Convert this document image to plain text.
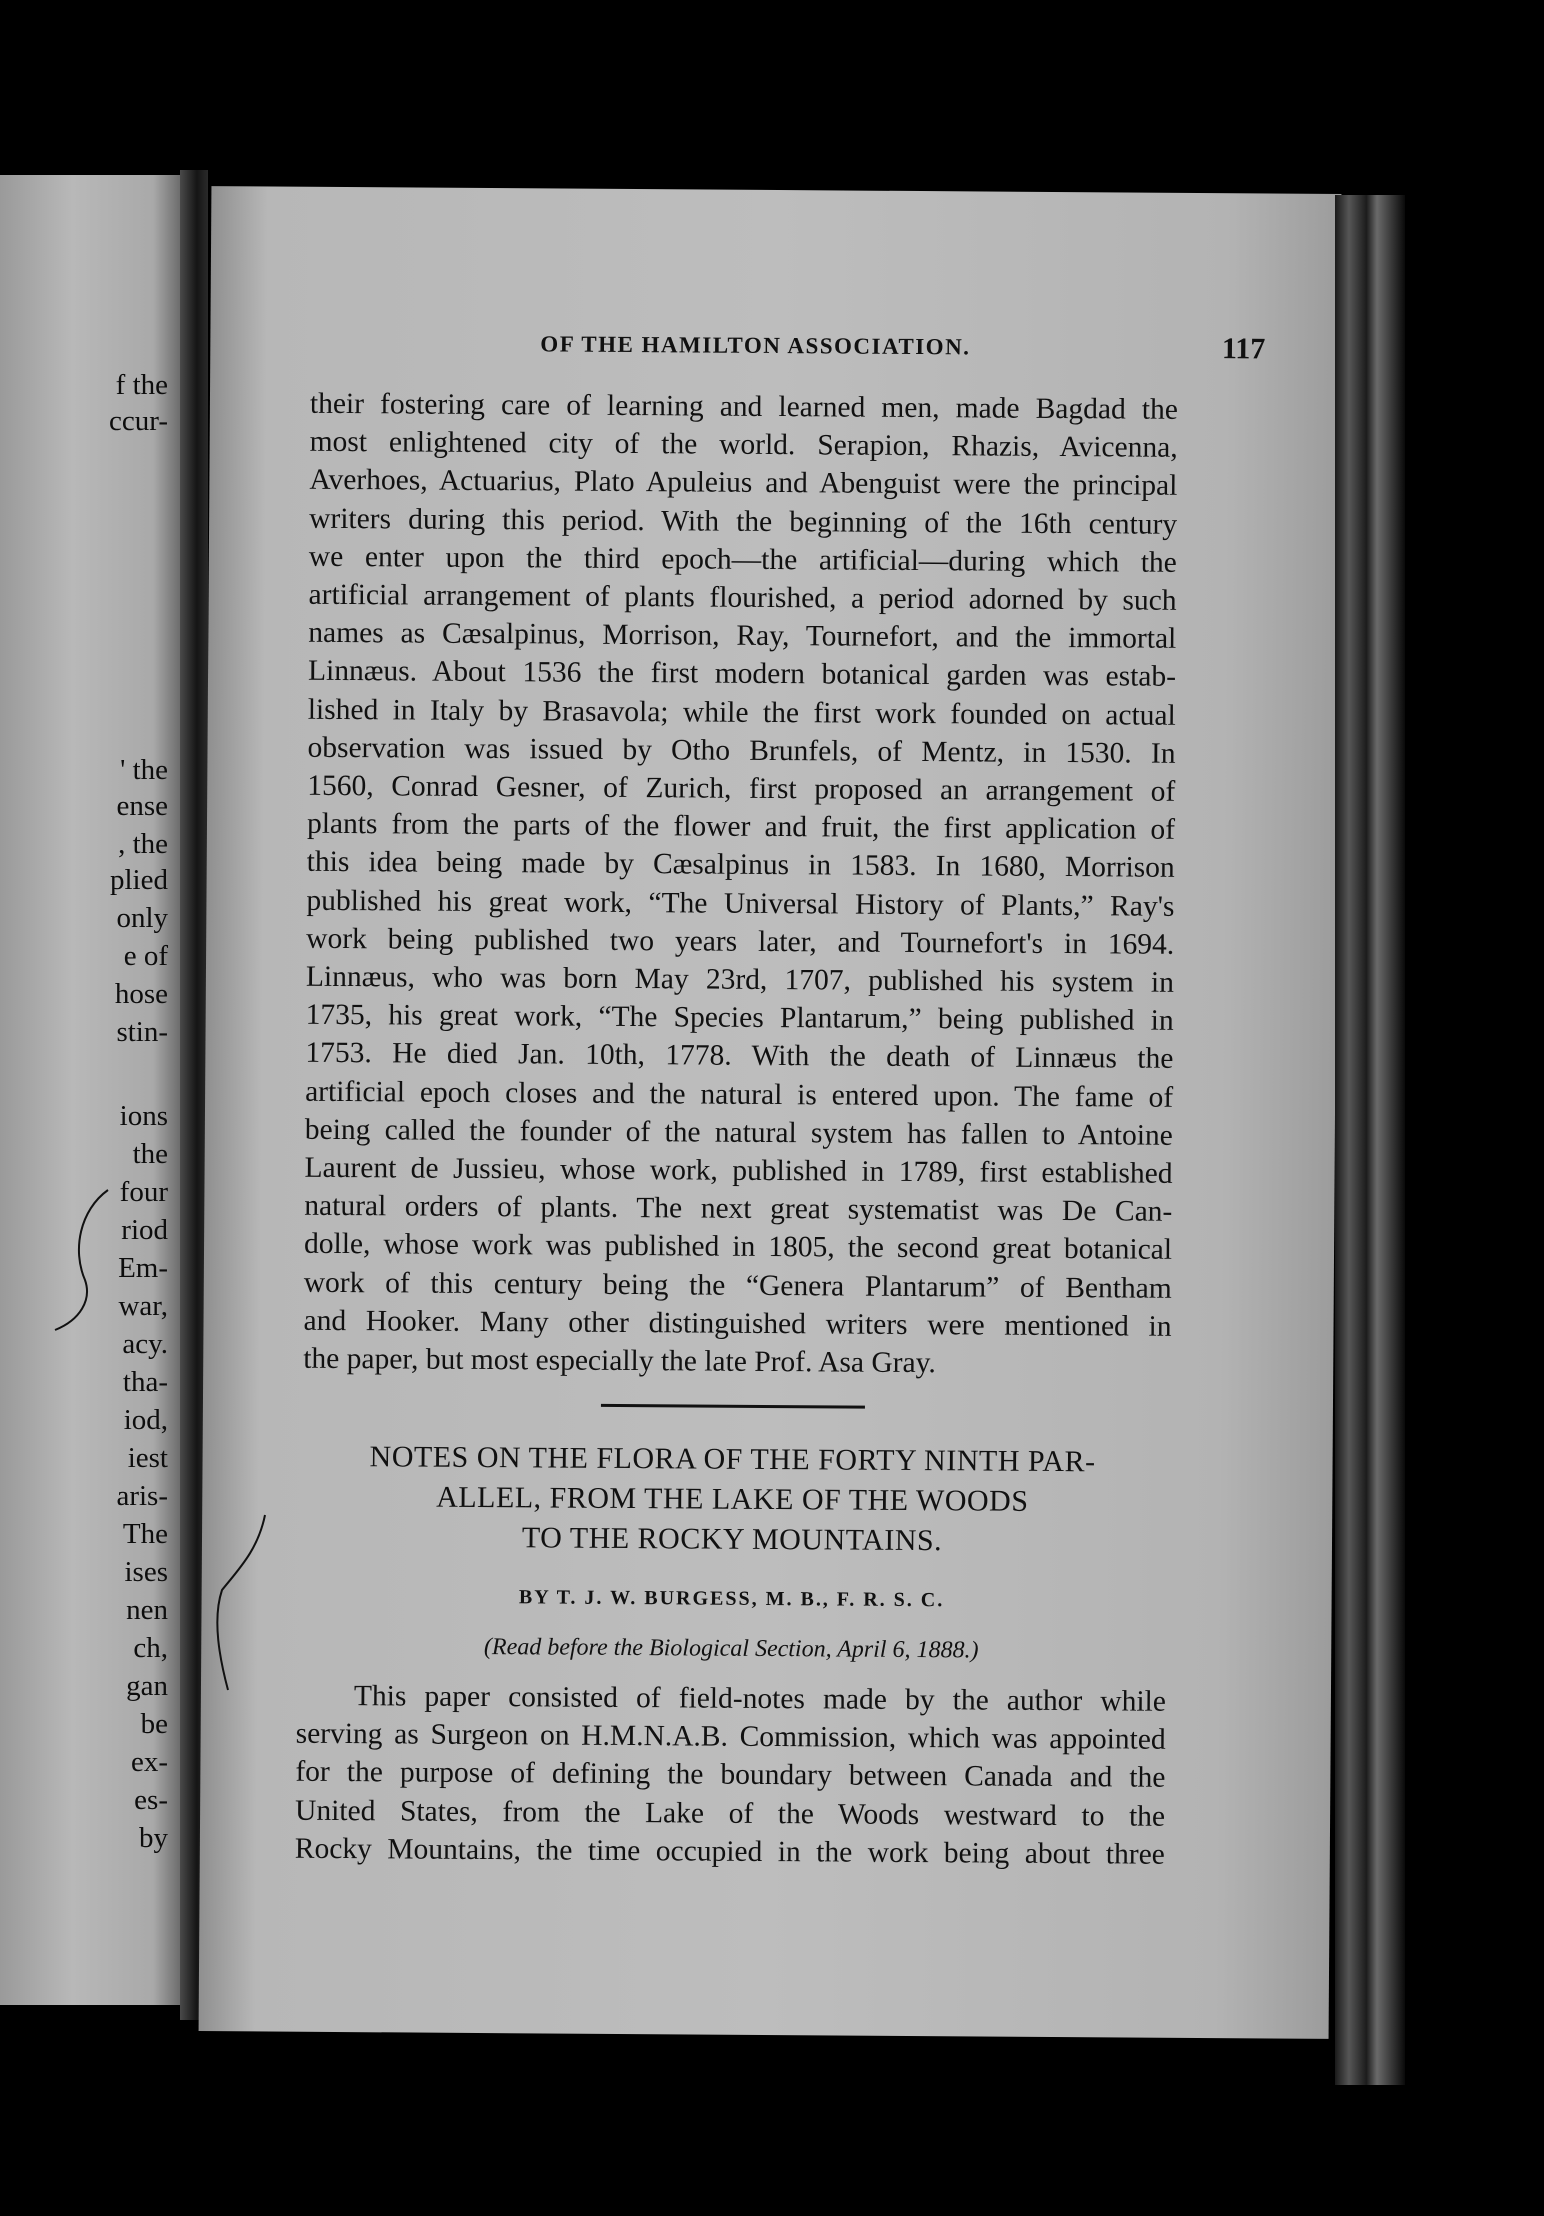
f the
ccur-
' the
ense
, the
plied
only
e of
hose
stin-
ions
the
four
riod
Em-
war,
acy.
tha-
iod,
iest
aris-
The
ises
nen
ch,
gan
be
ex-
es-
by
OF THE HAMILTON ASSOCIATION.	117
their fostering care of learning and learned men, made Bagdad the
most enlightened city of the world. Serapion, Rhazis, Avicenna,
Averhoes, Actuarius, Plato Apuleius and Abenguist were the principal
writers during this period. With the beginning of the 16th century
we enter upon the third epoch—the artificial—during which the
artificial arrangement of plants flourished, a period adorned by such
names as Cæsalpinus, Morrison, Ray, Tournefort, and the immortal
Linnæus. About 1536 the first modern botanical garden was estab-
lished in Italy by Brasavola; while the first work founded on actual
observation was issued by Otho Brunfels, of Mentz, in 1530. In
1560, Conrad Gesner, of Zurich, first proposed an arrangement of
plants from the parts of the flower and fruit, the first application of
this idea being made by Cæsalpinus in 1583. In 1680, Morrison
published his great work, “The Universal History of Plants,” Ray's
work being published two years later, and Tournefort's in 1694.
Linnæus, who was born May 23rd, 1707, published his system in
1735, his great work, “The Species Plantarum,” being published in
1753. He died Jan. 10th, 1778. With the death of Linnæus the
artificial epoch closes and the natural is entered upon. The fame of
being called the founder of the natural system has fallen to Antoine
Laurent de Jussieu, whose work, published in 1789, first established
natural orders of plants. The next great systematist was De Can-
dolle, whose work was published in 1805, the second great botanical
work of this century being the “Genera Plantarum” of Bentham
and Hooker. Many other distinguished writers were mentioned in
the paper, but most especially the late Prof. Asa Gray.
NOTES ON THE FLORA OF THE FORTY NINTH PAR-
ALLEL, FROM THE LAKE OF THE WOODS
TO THE ROCKY MOUNTAINS.
BY T. J. W. BURGESS, M. B., F. R. S. C.
(Read before the Biological Section, April 6, 1888.)
This paper consisted of field-notes made by the author while
serving as Surgeon on H.M.N.A.B. Commission, which was appointed
for the purpose of defining the boundary between Canada and the
United States, from the Lake of the Woods westward to the
Rocky Mountains, the time occupied in the work being about three
